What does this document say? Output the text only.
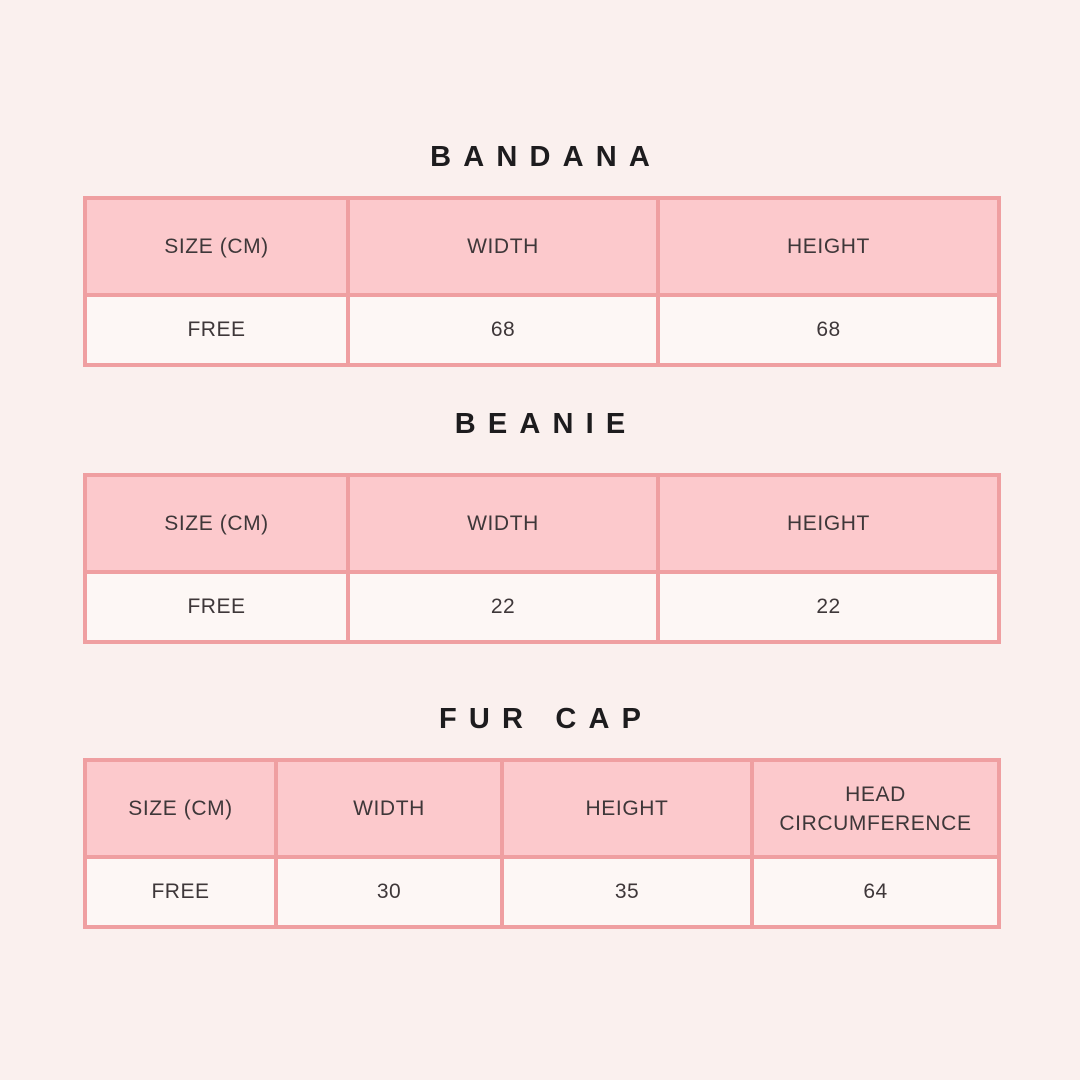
BANDANA
SIZE (CM)	WIDTH	HEIGHT
FREE	68	68
BEANIE
SIZE (CM)	WIDTH	HEIGHT
FREE	22	22
FUR CAP
SIZE (CM)	WIDTH	HEIGHT	HEAD CIRCUMFERENCE
FREE	30	35	64
